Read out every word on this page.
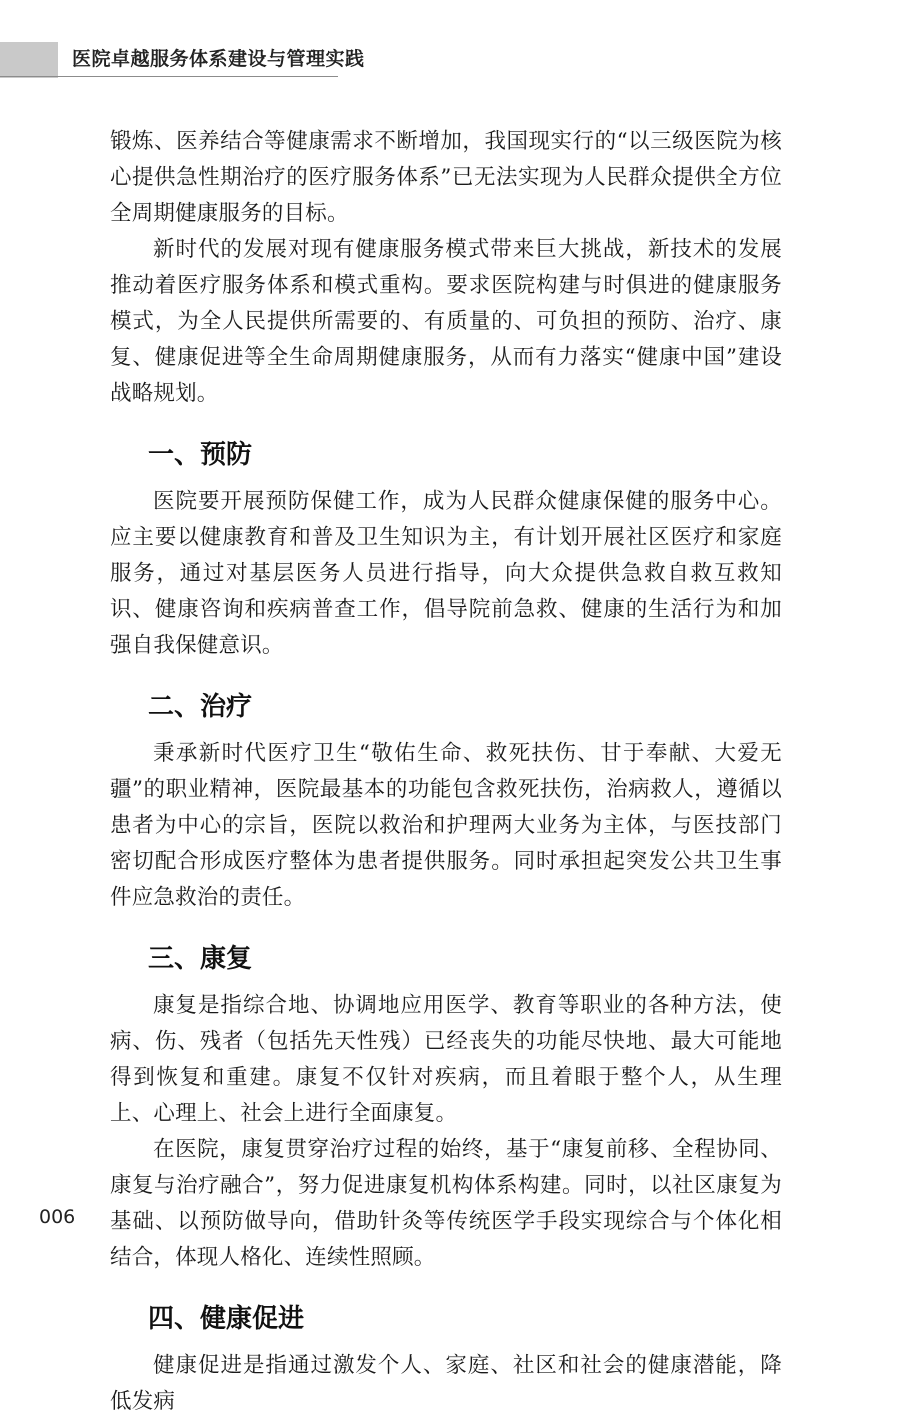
医院卓越服务体系建设与管理实践

锻炼、医养结合等健康需求不断增加，我国现实行的“以三级医院为核心提供急性期治疗的医疗服务体系”已无法实现为人民群众提供全方位全周期健康服务的目标。

新时代的发展对现有健康服务模式带来巨大挑战，新技术的发展推动着医疗服务体系和模式重构。要求医院构建与时俱进的健康服务模式，为全人民提供所需要的、有质量的、可负担的预防、治疗、康复、健康促进等全生命周期健康服务，从而有力落实“健康中国”建设战略规划。

一、预防

医院要开展预防保健工作，成为人民群众健康保健的服务中心。应主要以健康教育和普及卫生知识为主，有计划开展社区医疗和家庭服务，通过对基层医务人员进行指导，向大众提供急救自救互救知识、健康咨询和疾病普查工作，倡导院前急救、健康的生活行为和加强自我保健意识。

二、治疗

秉承新时代医疗卫生“敬佑生命、救死扶伤、甘于奉献、大爱无疆”的职业精神，医院最基本的功能包含救死扶伤，治病救人，遵循以患者为中心的宗旨，医院以救治和护理两大业务为主体，与医技部门密切配合形成医疗整体为患者提供服务。同时承担起突发公共卫生事件应急救治的责任。

三、康复

康复是指综合地、协调地应用医学、教育等职业的各种方法，使病、伤、残者（包括先天性残）已经丧失的功能尽快地、最大可能地得到恢复和重建。康复不仅针对疾病，而且着眼于整个人，从生理上、心理上、社会上进行全面康复。

在医院，康复贯穿治疗过程的始终，基于“康复前移、全程协同、康复与治疗融合”，努力促进康复机构体系构建。同时，以社区康复为基础、以预防做导向，借助针灸等传统医学手段实现综合与个体化相结合，体现人格化、连续性照顾。

四、健康促进

健康促进是指通过激发个人、家庭、社区和社会的健康潜能，降低发病

006
